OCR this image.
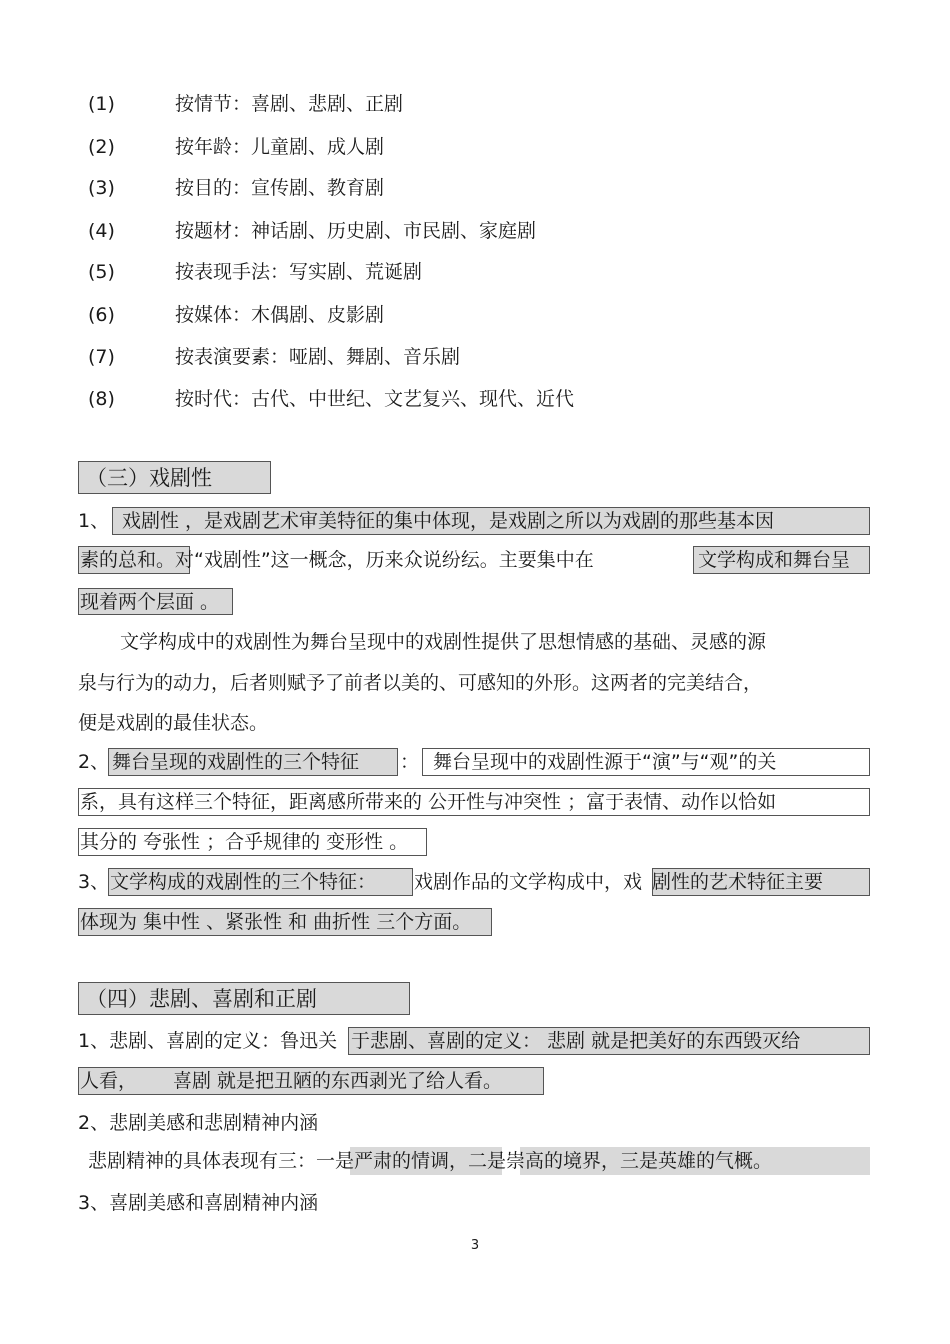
(1)	按情节：喜剧、悲剧、正剧
(2)	按年龄：儿童剧、成人剧
(3)	按目的：宣传剧、教育剧
(4)	按题材：神话剧、历史剧、市民剧、家庭剧
(5)	按表现手法：写实剧、荒诞剧
(6)	按媒体：木偶剧、皮影剧
(7)	按表演要素：哑剧、舞剧、音乐剧
(8)	按时代：古代、中世纪、文艺复兴、现代、近代
（三）戏剧性
1、 戏剧性 ，是戏剧艺术审美特征的集中体现，是戏剧之所以为戏剧的那些基本因
素的总和。对“戏剧性”这一概念，历来众说纷纭。主要集中在	文学构成和舞台呈
现着两个层面 。
文学构成中的戏剧性为舞台呈现中的戏剧性提供了思想情感的基础、灵感的源
泉与行为的动力，后者则赋予了前者以美的、可感知的外形。这两者的完美结合，
便是戏剧的最佳状态。
2、 舞台呈现的戏剧性的三个特征 ： 舞台呈现中的戏剧性源于“演”与“观”的关
系，具有这样三个特征，距离感所带来的 公开性与冲突性 ；富于表情、动作以恰如
其分的 夸张性 ；合乎规律的 变形性 。
3、 文学构成的戏剧性的三个特征： 戏剧作品的文学构成中，戏 剧性的艺术特征主要
体现为 集中性 、紧张性 和 曲折性 三个方面。
（四）悲剧、喜剧和正剧
1、悲剧、喜剧的定义：鲁迅关 于悲剧、喜剧的定义： 悲剧 就是把美好的东西毁灭给
人看， 喜剧 就是把丑陋的东西剥光了给人看。
2、悲剧美感和悲剧精神内涵
悲剧精神的具体表现有三：一是严肃的情调，二是崇高的境界，三是英雄的气概。
3、喜剧美感和喜剧精神内涵
3
